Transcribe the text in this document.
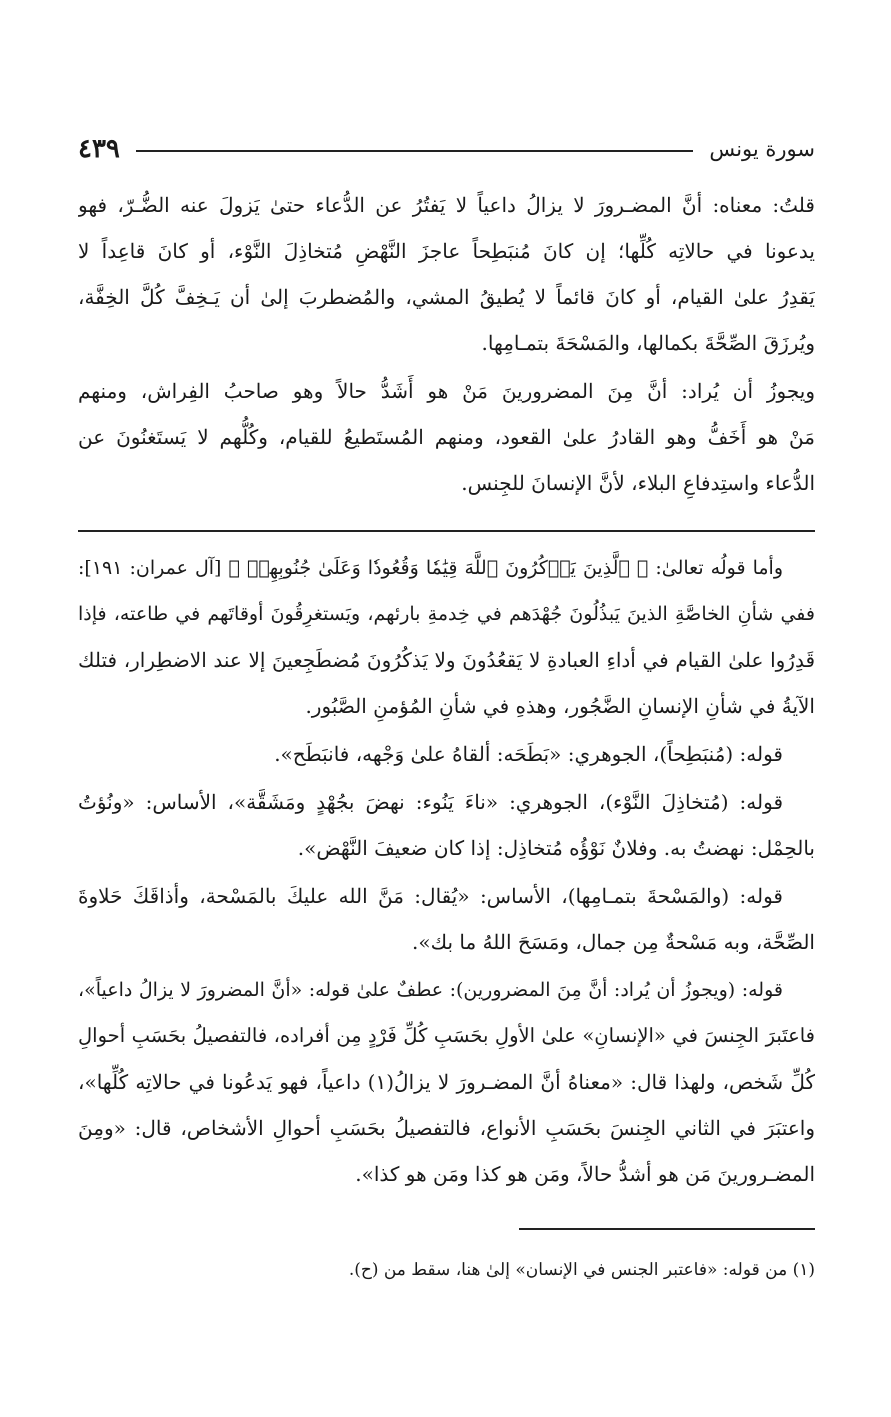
سورة يونس
٤٣٩
قلتُ: معناه: أنَّ المضـرورَ لا يزالُ داعياً لا يَفتُرُ عن الدُّعاء حتىٰ يَزولَ عنه الضُّـرّ، فهو
يدعونا في حالاتِه كُلِّها؛ إن كانَ مُنبَطِحاً عاجزَ النَّهْضِ مُتخاذِلَ النَّوْء، أو كانَ قاعِداً لا
يَقدِرُ علىٰ القيام، أو كانَ قائماً لا يُطيقُ المشي، والمُضطربَ إلىٰ أن يَـخِفَّ كُلَّ الخِفَّة،
ويُرزَقَ الصِّحَّةَ بكمالها، والمَسْحَةَ بتمـامِها.
ويجوزُ أن يُراد: أنَّ مِنَ المضرورينَ مَنْ هو أَشَدُّ حالاً وهو صاحبُ الفِراش، ومنهم
مَنْ هو أَخَفُّ وهو القادرُ علىٰ القعود، ومنهم المُستَطيعُ للقيام، وكُلُّهم لا يَستَغنُونَ عن
الدُّعاء واستِدفاعِ البلاء، لأنَّ الإنسانَ للجِنس.
وأما قولُه تعالىٰ: ﴿ ٱلَّذِينَ يَذۡكُرُونَ ٱللَّهَ قِيَٰمٗا وَقُعُودٗا وَعَلَىٰ جُنُوبِهِمۡ ﴾ [آل عمران: ١٩١]:
ففي شأنِ الخاصَّةِ الذينَ يَبذُلُونَ جُهْدَهم في خِدمةِ بارئهم، ويَستغرِقُونَ أوقاتَهم في طاعته، فإذا
قَدِرُوا علىٰ القيام في أداءِ العبادةِ لا يَقعُدُونَ ولا يَذكُرُونَ مُضطَجِعينَ إلا عند الاضطِرار، فتلك
الآيةُ في شأنِ الإنسانِ الضَّجُور، وهذهِ في شأنِ المُؤمنِ الصَّبُور.
قوله: (مُنبَطِحاً)، الجوهري: «بَطَحَه: ألقاهُ علىٰ وَجْهه، فانبَطَح».
قوله: (مُتخاذِلَ النَّوْء)، الجوهري: «ناءَ يَنُوء: نهضَ بجُهْدٍ ومَشَقَّة»، الأساس: «ونُؤتُ
بالحِمْل: نهضتُ به. وفلانٌ نَوْؤُه مُتخاذِل: إذا كان ضعيفَ النَّهْض».
قوله: (والمَسْحةَ بتمـامِها)، الأساس: «يُقال: مَنَّ الله عليكَ بالمَسْحة، وأذاقَكَ حَلاوةَ
الصِّحَّة، وبه مَسْحةٌ مِن جمال، ومَسَحَ اللهُ ما بك».
قوله: (ويجوزُ أن يُراد: أنَّ مِنَ المضرورين): عطفٌ علىٰ قوله: «أنَّ المضرورَ لا يزالُ داعياً»،
فاعتَبرَ الجِنسَ في «الإنسانِ» علىٰ الأولِ بحَسَبِ كُلِّ فَرْدٍ مِن أفراده، فالتفصيلُ بحَسَبِ أحوالِ
كُلِّ شَخص، ولهذا قال: «معناهُ أنَّ المضـرورَ لا يزالُ(١) داعياً، فهو يَدعُونا في حالاتِه كُلِّها»،
واعتبَرَ في الثاني الجِنسَ بحَسَبِ الأنواع، فالتفصيلُ بحَسَبِ أحوالِ الأشخاص، قال: «ومِنَ
المضـرورينَ مَن هو أشدُّ حالاً، ومَن هو كذا ومَن هو كذا».
(١) من قوله: «فاعتبر الجنس في الإنسان» إلىٰ هنا، سقط من (ح).
